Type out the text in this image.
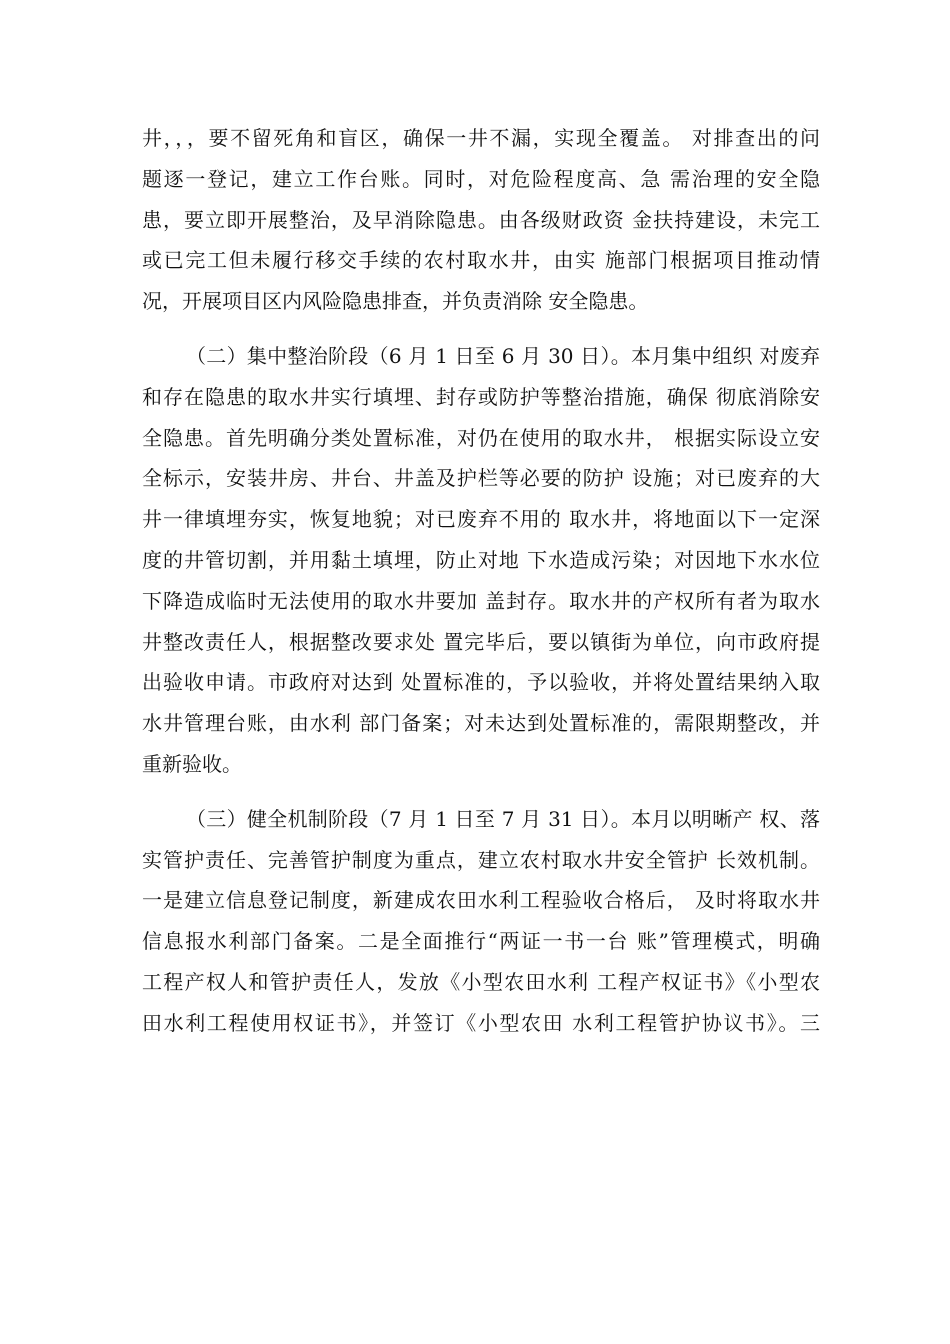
井，，，要不留死角和盲区，确保一井不漏，实现全覆盖。 对排查出的问
题逐一登记，建立工作台账。同时，对危险程度高、急 需治理的安全隐
患，要立即开展整治，及早消除隐患。由各级财政资 金扶持建设，未完工
或已完工但未履行移交手续的农村取水井，由实 施部门根据项目推动情
况，开展项目区内风险隐患排查，并负责消除 安全隐患。
（二）集中整治阶段（6 月 1 日至 6 月 30 日）。本月集中组织 对废弃
和存在隐患的取水井实行填埋、封存或防护等整治措施，确保 彻底消除安
全隐患。首先明确分类处置标准，对仍在使用的取水井， 根据实际设立安
全标示，安装井房、井台、井盖及护栏等必要的防护 设施；对已废弃的大
井一律填埋夯实，恢复地貌；对已废弃不用的 取水井，将地面以下一定深
度的井管切割，并用黏土填埋，防止对地 下水造成污染；对因地下水水位
下降造成临时无法使用的取水井要加 盖封存。取水井的产权所有者为取水
井整改责任人，根据整改要求处 置完毕后，要以镇街为单位，向市政府提
出验收申请。市政府对达到 处置标准的，予以验收，并将处置结果纳入取
水井管理台账，由水利 部门备案；对未达到处置标准的，需限期整改，并
重新验收。
（三）健全机制阶段（7 月 1 日至 7 月 31 日）。本月以明晰产 权、落
实管护责任、完善管护制度为重点，建立农村取水井安全管护 长效机制。
一是建立信息登记制度，新建成农田水利工程验收合格后， 及时将取水井
信息报水利部门备案。二是全面推行“两证一书一台 账”管理模式，明确
工程产权人和管护责任人，发放《小型农田水利 工程产权证书》《小型农
田水利工程使用权证书》，并签订《小型农田 水利工程管护协议书》。三
